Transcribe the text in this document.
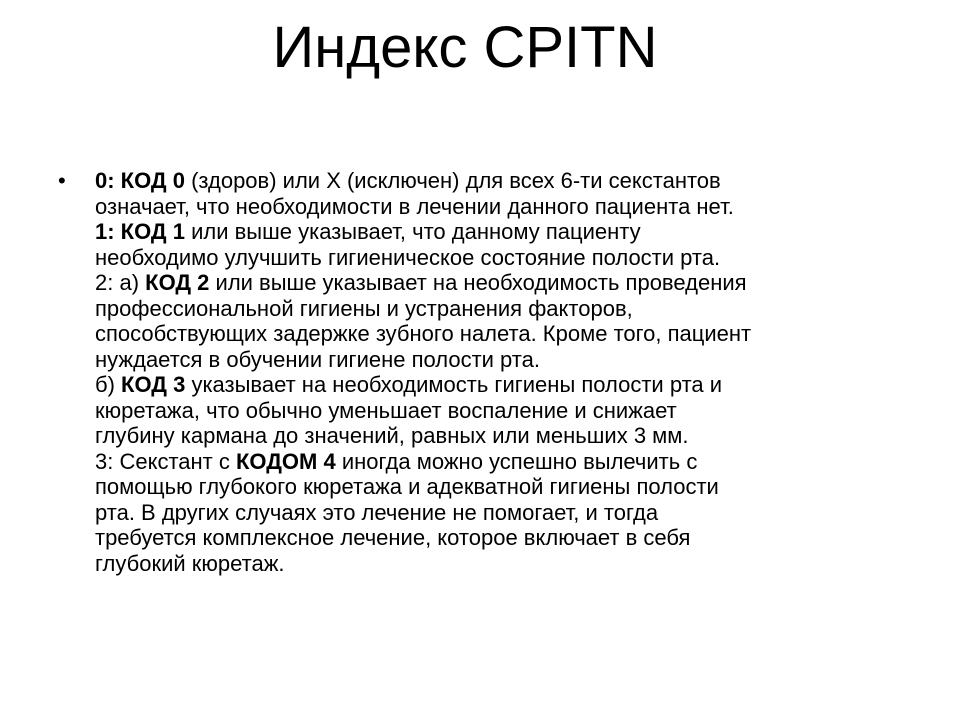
Индекс CPITN
• 0: КОД 0 (здоров) или Х (исключен) для всех 6-ти секстантов
означает, что необходимости в лечении данного пациента нет.
1: КОД 1 или выше указывает, что данному пациенту
необходимо улучшить гигиеническое состояние полости рта.
2: а) КОД 2 или выше указывает на необходимость проведения
профессиональной гигиены и устранения факторов,
способствующих задержке зубного налета. Кроме того, пациент
нуждается в обучении гигиене полости рта.
б) КОД 3 указывает на необходимость гигиены полости рта и
кюретажа, что обычно уменьшает воспаление и снижает
глубину кармана до значений, равных или меньших 3 мм.
3: Секстант с КОДОМ 4 иногда можно успешно вылечить с
помощью глубокого кюретажа и адекватной гигиены полости
рта. В других случаях это лечение не помогает, и тогда
требуется комплексное лечение, которое включает в себя
глубокий кюретаж.
